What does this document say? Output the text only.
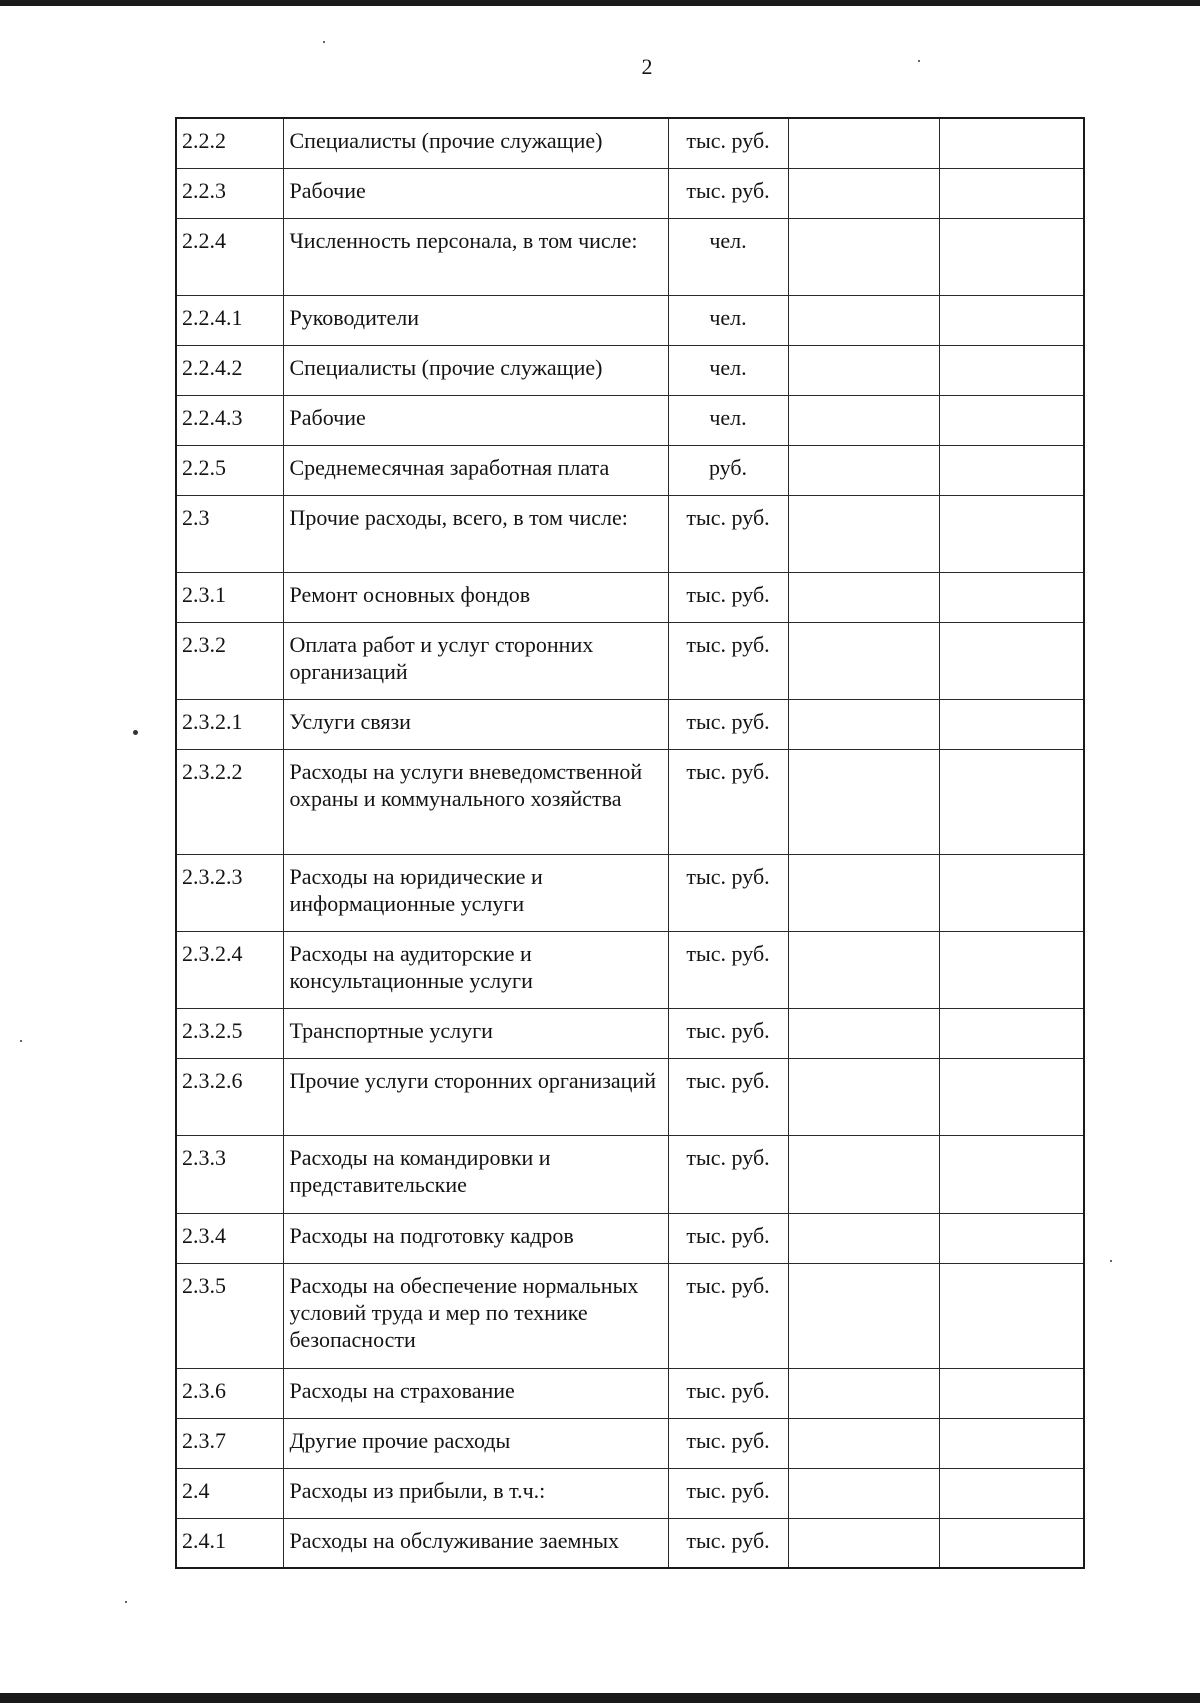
2
2.2.2	Специалисты (прочие служащие)	тыс. руб.		
2.2.3	Рабочие	тыс. руб.		
2.2.4	Численность персонала, в том числе:	чел.		
2.2.4.1	Руководители	чел.		
2.2.4.2	Специалисты (прочие служащие)	чел.		
2.2.4.3	Рабочие	чел.		
2.2.5	Среднемесячная заработная плата	руб.		
2.3	Прочие расходы, всего, в том числе:	тыс. руб.		
2.3.1	Ремонт основных фондов	тыс. руб.		
2.3.2	Оплата работ и услуг сторонних организаций	тыс. руб.		
2.3.2.1	Услуги связи	тыс. руб.		
2.3.2.2	Расходы на услуги вневедомственной охраны и коммунального хозяйства	тыс. руб.		
2.3.2.3	Расходы на юридические и информационные услуги	тыс. руб.		
2.3.2.4	Расходы на аудиторские и консультационные услуги	тыс. руб.		
2.3.2.5	Транспортные услуги	тыс. руб.		
2.3.2.6	Прочие услуги сторонних организаций	тыс. руб.		
2.3.3	Расходы на командировки и представительские	тыс. руб.		
2.3.4	Расходы на подготовку кадров	тыс. руб.		
2.3.5	Расходы на обеспечение нормальных условий труда и мер по технике безопасности	тыс. руб.		
2.3.6	Расходы на страхование	тыс. руб.		
2.3.7	Другие прочие расходы	тыс. руб.		
2.4	Расходы из прибыли, в т.ч.:	тыс. руб.		
2.4.1	Расходы на обслуживание заемных	тыс. руб.		
